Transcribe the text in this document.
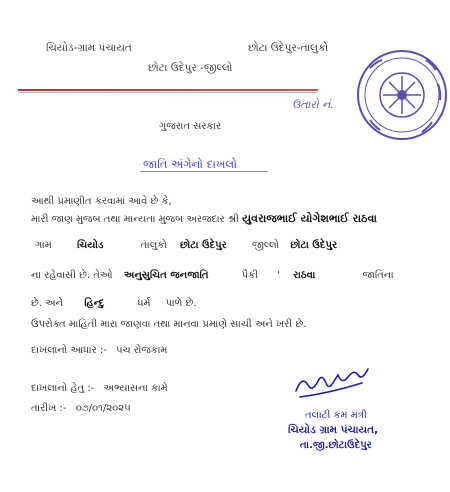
ચિયોડ-ગ્રામ પંચાયત	છોટા ઉદેપુર-તાલુકો
છોટા ઉદેપુર -જીલ્લો
ઉતારો નં.
ગુજરાત સરકાર
જાતિ અંગેનો દાખલો
આથી પ્રમાણીત કરવામાં આવે છે કે,
મારી જાણ મુજબ તથા માન્યતા મુજબ અરજદાર શ્રી યુવરાજભાઈ યોગેશભાઈ રાઠવા
ગામ	ચિયોડ	તાલુકો છોટા ઉદેપુર	જીલ્લો છોટા ઉદેપુર
ના રહેવાસી છે. તેઓ અનુસુચિત જનજાતિ	પૈકી ' રાઠવા	જાતિના
છે. અને હિન્દુ	ધર્મ પાળે છે.
ઉપરોક્ત માહિતી મારા જાણવા તથા માનવા પ્રમાણે સાચી અને ખરી છે.
દાખલાનો આધાર :- પંચ રોજકામ
દાખલાનો હેતુ :- અભ્યાસના કામે
તારીખ :- ૦૭/૦૧/૨૦૨૫
તલાટી કમ મંત્રી
ચિયોડ ગ્રામ પંચાયત,
તા.જી.છોટાઉદેપુર
